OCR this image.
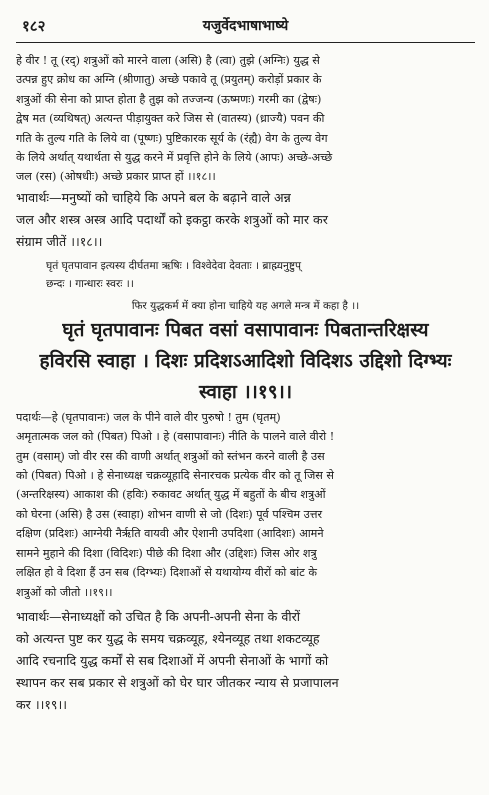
१८२	यजुर्वेदभाषाभाष्ये
हे वीर ! तू (रद्) शत्रुओं को मारने वाला (असि) है (त्वा) तुझे (अग्निः) युद्ध से
उत्पन्न हुए क्रोध का अग्नि (श्रीणातु) अच्छे पकावे तू (प्रयुतम्) करोड़ों प्रकार के
शत्रुओं की सेना को प्राप्त होता है तुझ को तज्जन्य (ऊष्मणः) गरमी का (द्वेषः)
द्वेष मत (व्यथिषत्) अत्यन्त पीड़ायुक्त करे जिस से (वातस्य) (ध्राज्यै) पवन की
गति के तुल्य गति के लिये वा (पूष्णः) पुष्टिकारक सूर्य के (रंह्यै) वेग के तुल्य वेग
के लिये अर्थात् यथार्थता से युद्ध करने में प्रवृत्ति होने के लिये (आपः) अच्छे-अच्छे
जल (रस) (ओषधीः) अच्छे प्रकार प्राप्त हों ।।१८।।
भावार्थः—मनुष्यों को चाहिये कि अपने बल के बढ़ाने वाले अन्न
जल और शस्त्र अस्त्र आदि पदार्थों को इकट्ठा करके शत्रुओं को मार कर
संग्राम जीतें ।।१८।।
घृतं घृतपावान इत्यस्य दीर्घतमा ऋषिः । विश्वेदेवा देवताः । ब्राह्म्यनुष्टुप्
छन्दः । गान्धारः स्वरः ।।
फिर युद्धकर्म में क्या होना चाहिये यह अगले मन्त्र में कहा है ।।
घृतं घृतपावानः पिबत वसां वसापावानः पिबतान्तरिक्षस्य
हविरसि स्वाहा । दिशः प्रदिशऽआदिशो विदिशऽ उद्दिशो दिग्भ्यः
स्वाहा ।।१९।।
पदार्थः—हे (घृतपावानः) जल के पीने वाले वीर पुरुषो ! तुम (घृतम्)
अमृतात्मक जल को (पिबत) पिओ । हे (वसापावानः) नीति के पालने वाले वीरो !
तुम (वसाम्) जो वीर रस की वाणी अर्थात् शत्रुओं को स्तंभन करने वाली है उस
को (पिबत) पिओ । हे सेनाध्यक्ष चक्रव्यूहादि सेनारचक प्रत्येक वीर को तू जिस से
(अन्तरिक्षस्य) आकाश की (हविः) रुकावट अर्थात् युद्ध में बहुतों के बीच शत्रुओं
को घेरना (असि) है उस (स्वाहा) शोभन वाणी से जो (दिशः) पूर्व पश्चिम उत्तर
दक्षिण (प्रदिशः) आग्नेयी नैर्ऋति वायवी और ऐशानी उपदिशा (आदिशः) आमने
सामने मुहाने की दिशा (विदिशः) पीछे की दिशा और (उद्दिशः) जिस ओर शत्रु
लक्षित हो वे दिशा हैं उन सब (दिग्भ्यः) दिशाओं से यथायोग्य वीरों को बांट के
शत्रुओं को जीतो ।।१९।।
भावार्थः—सेनाध्यक्षों को उचित है कि अपनी-अपनी सेना के वीरों
को अत्यन्त पुष्ट कर युद्ध के समय चक्रव्यूह, श्येनव्यूह तथा शकटव्यूह
आदि रचनादि युद्ध कर्मों से सब दिशाओं में अपनी सेनाओं के भागों को
स्थापन कर सब प्रकार से शत्रुओं को घेर घार जीतकर न्याय से प्रजापालन
कर ।।१९।।
